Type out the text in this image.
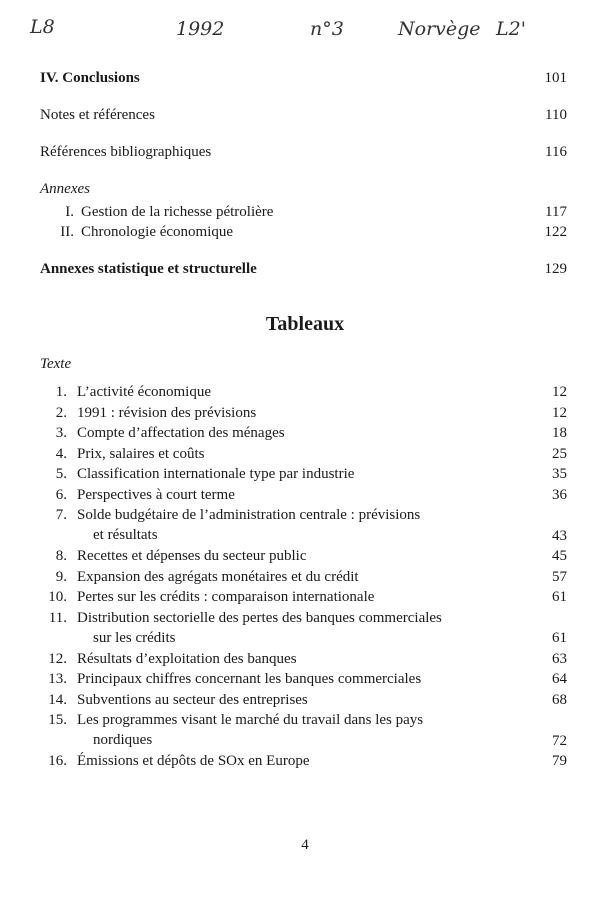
L8	1992	n°3	Norvège L2'
IV. Conclusions	101
Notes et références	110
Références bibliographiques	116
Annexes
I. Gestion de la richesse pétrolière	117
II. Chronologie économique	122
Annexes statistique et structurelle	129
Tableaux
Texte
1. L’activité économique	12
2. 1991 : révision des prévisions	12
3. Compte d’affectation des ménages	18
4. Prix, salaires et coûts	25
5. Classification internationale type par industrie	35
6. Perspectives à court terme	36
7. Solde budgétaire de l’administration centrale : prévisions
et résultats	43
8. Recettes et dépenses du secteur public	45
9. Expansion des agrégats monétaires et du crédit	57
10. Pertes sur les crédits : comparaison internationale	61
11. Distribution sectorielle des pertes des banques commerciales
sur les crédits	61
12. Résultats d’exploitation des banques	63
13. Principaux chiffres concernant les banques commerciales	64
14. Subventions au secteur des entreprises	68
15. Les programmes visant le marché du travail dans les pays
nordiques	72
16. Émissions et dépôts de SOx en Europe	79
4
